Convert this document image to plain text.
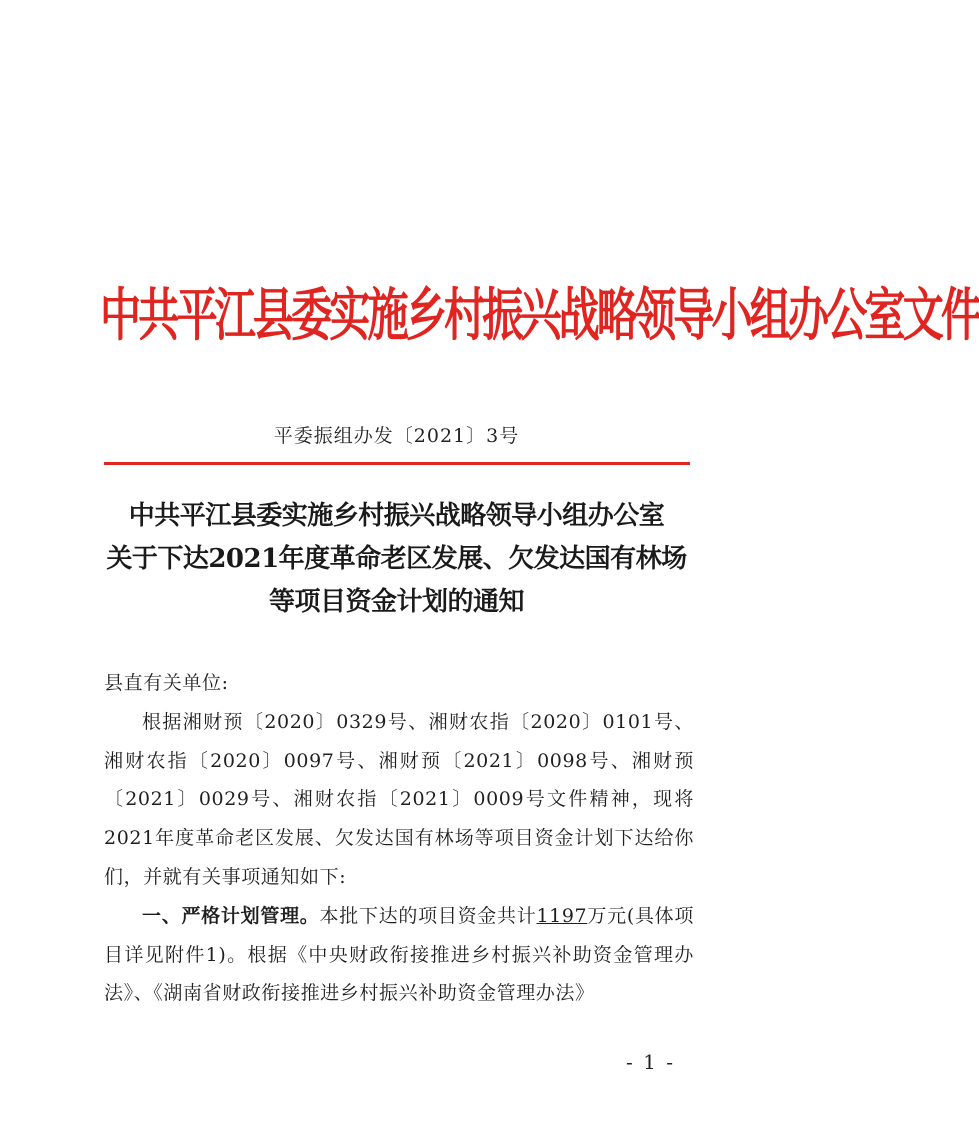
中共平江县委实施乡村振兴战略领导小组办公室文件
平委振组办发〔2021〕3号
中共平江县委实施乡村振兴战略领导小组办公室
关于下达2021年度革命老区发展、欠发达国有林场
等项目资金计划的通知

县直有关单位:

根据湘财预〔2020〕0329号、湘财农指〔2020〕0101号、湘财农指〔2020〕0097号、湘财预〔2021〕0098号、湘财预〔2021〕0029号、湘财农指〔2021〕0009号文件精神，现将2021年度革命老区发展、欠发达国有林场等项目资金计划下达给你们，并就有关事项通知如下:

一、严格计划管理。本批下达的项目资金共计1197万元(具体项目详见附件1)。根据《中央财政衔接推进乡村振兴补助资金管理办法》、《湖南省财政衔接推进乡村振兴补助资金管理办法》

- 1 -
